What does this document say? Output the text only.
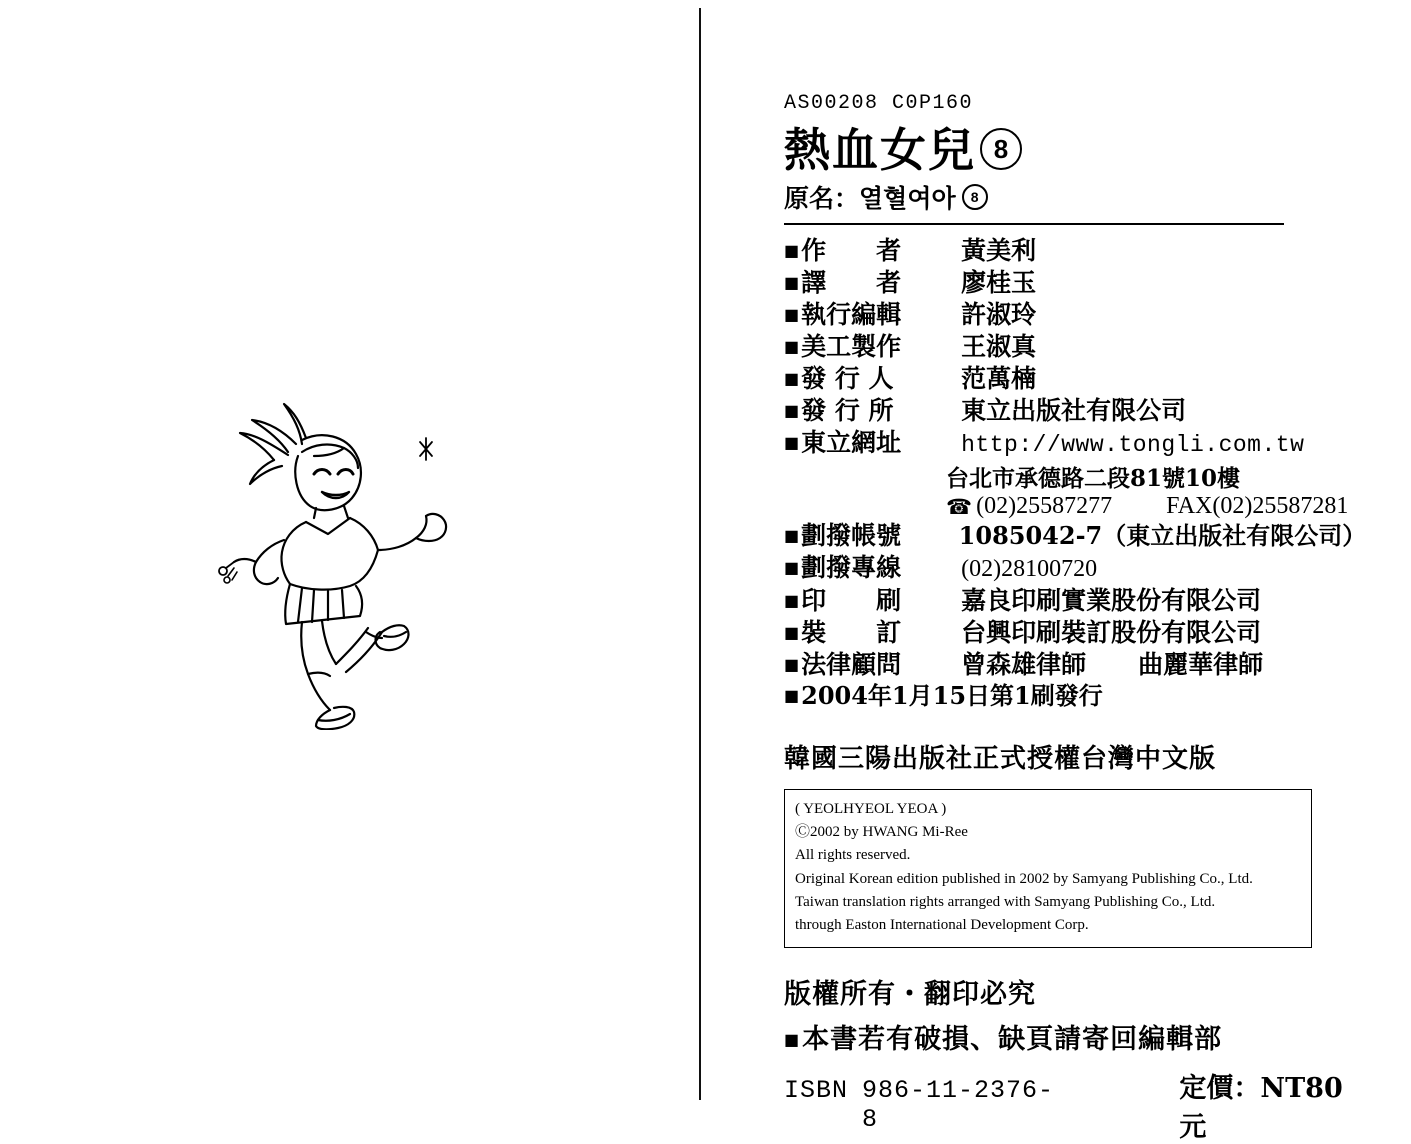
AS00208 C0P160
熱血女兒 8
原名： 열혈여아	8
■ 作　　者	黃美利
■ 譯　　者	廖桂玉
■ 執行編輯	許淑玲
■ 美工製作	王淑真
■ 發 行 人	范萬楠
■ 發 行 所	東立出版社有限公司
■ 東立網址	http://www.tongli.com.tw
台北市承德路二段81號10樓
☎ (02)25587277 FAX (02)25587281
■ 劃撥帳號	1085042-7（東立出版社有限公司）
■ 劃撥專線	(02)28100720
■ 印　　刷	嘉良印刷實業股份有限公司
■ 裝　　訂	台興印刷裝訂股份有限公司
■ 法律顧問	曾森雄律師 曲麗華律師
■ 2004年1月15日第1刷發行
韓國三陽出版社正式授權台灣中文版
( YEOLHYEOL YEOA )
Ⓒ2002 by HWANG Mi-Ree
All rights reserved.
Original Korean edition published in 2002 by Samyang Publishing Co., Ltd.
Taiwan translation rights arranged with Samyang Publishing Co., Ltd.
through Easton International Development Corp.
版權所有・翻印必究
■ 本書若有破損、缺頁請寄回編輯部
ISBN 986-11-2376-8
定價：NT80元
